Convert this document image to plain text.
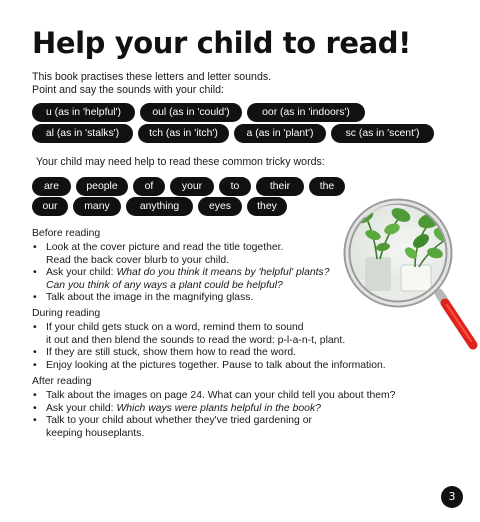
Help your child to read!
This book practises these letters and letter sounds.
Point and say the sounds with your child:
u (as in 'helpful')	oul (as in 'could')	oor (as in 'indoors')
al (as in 'stalks')	tch (as in 'itch')	a (as in 'plant')	sc (as in 'scent')
Your child may need help to read these common tricky words:
are	people	of	your	to	their	the
our	many	anything	eyes	they
Before reading
• Look at the cover picture and read the title together.
Read the back cover blurb to your child.
• Ask your child: What do you think it means by 'helpful' plants?
Can you think of any ways a plant could be helpful?
• Talk about the image in the magnifying glass.
During reading
• If your child gets stuck on a word, remind them to sound
it out and then blend the sounds to read the word: p-l-a-n-t, plant.
• If they are still stuck, show them how to read the word.
• Enjoy looking at the pictures together. Pause to talk about the information.
After reading
• Talk about the images on page 24. What can your child tell you about them?
• Ask your child: Which ways were plants helpful in the book?
• Talk to your child about whether they've tried gardening or
keeping houseplants.
3
